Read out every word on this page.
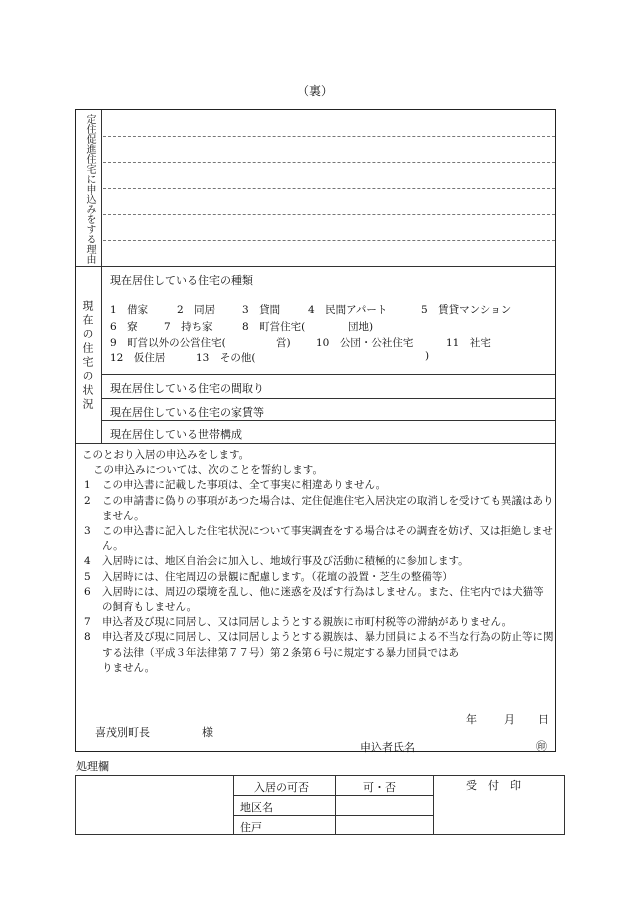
（裏）
定住促進住宅に申込みをする理由
現在の住宅の状況
現在居住している住宅の種類
1　借家	2　同居	3　貸間	4　民間アパート	5　賃貸マンション
6　寮	7　持ち家	8　町営住宅(	団地)
9　町営以外の公営住宅(	営) 10　公団・公社住宅	11　社宅
12　仮住居	13　その他(	)
現在居住している住宅の間取り
現在居住している住宅の家賃等
現在居住している世帯構成
このとおり入居の申込みをします。
この申込みについては、次のことを誓約します。
1	この申込書に記載した事項は、全て事実に相違ありません。
2	この申請書に偽りの事項があつた場合は、定住促進住宅入居決定の取消しを受けても異議はありません。
3	この申込書に記入した住宅状況について事実調査をする場合はその調査を妨げ、又は拒絶しません。
4	入居時には、地区自治会に加入し、地域行事及び活動に積極的に参加します。
5	入居時には、住宅周辺の景観に配慮します。（花壇の設置・芝生の整備等）
6	入居時には、周辺の環境を乱し、他に迷惑を及ぼす行為はしません。また、住宅内では犬猫等の飼育もしません。
7	申込者及び現に同居し、又は同居しようとする親族に市町村税等の滞納がありません。
8	申込者及び現に同居し、又は同居しようとする親族は、暴力団員による不当な行為の防止等に関する法律（平成３年法律第７７号）第２条第６号に規定する暴力団員ではあ
りません。
年 月 日
喜茂別町長	様
申込者氏名	㊞
処理欄
入居の可否	可・否
地区名
住戸
受　付　印
